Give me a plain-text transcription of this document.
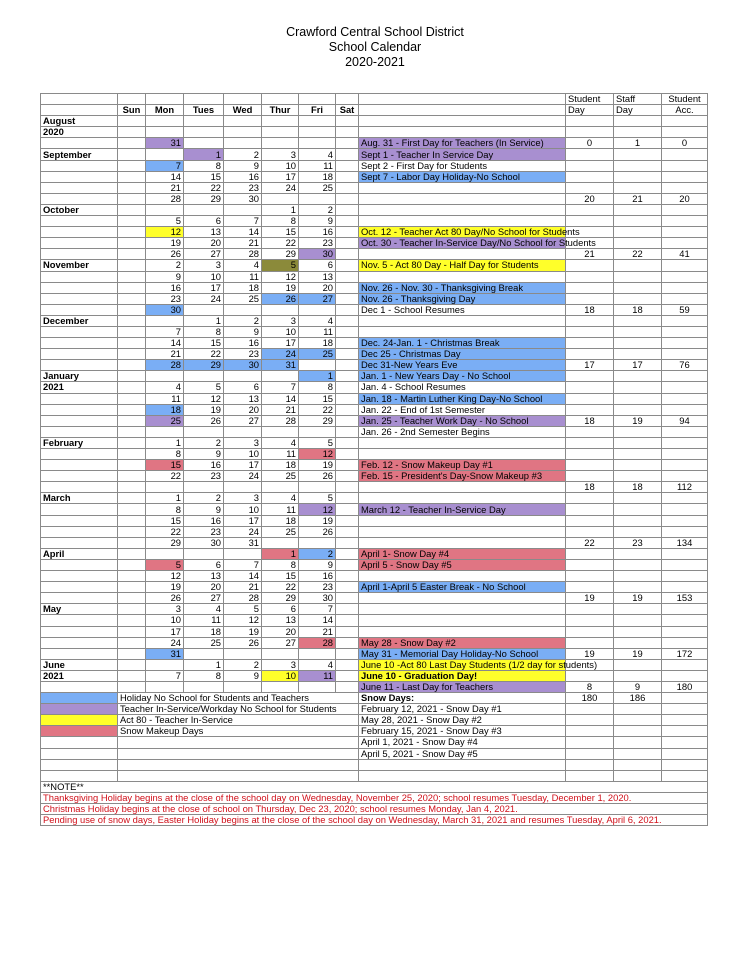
Crawford Central School District
School Calendar
2020-2021
									Student	Staff	Student
	Sun	Mon	Tues	Wed	Thur	Fri	Sat		Day	Day	Acc.
August											
2020											
		31						Aug. 31 - First Day for Teachers (In Service)	0	1	0
September			1	2	3	4		Sept 1 - Teacher In Service Day			
		7	8	9	10	11		Sept 2 - First Day for Students			
		14	15	16	17	18		Sept 7 - Labor Day Holiday-No School			
		21	22	23	24	25					
		28	29	30					20	21	20
October					1	2					
		5	6	7	8	9					
		12	13	14	15	16		Oct. 12 - Teacher Act 80 Day/No School for Students			
		19	20	21	22	23		Oct. 30 - Teacher In-Service Day/No School for Students			
		26	27	28	29	30			21	22	41
November		2	3	4	5	6		Nov. 5 - Act 80 Day - Half Day for Students			
		9	10	11	12	13					
		16	17	18	19	20		Nov. 26 - Nov. 30 - Thanksgiving Break			
		23	24	25	26	27		Nov. 26 - Thanksgiving Day			
		30						Dec 1 - School Resumes	18	18	59
December			1	2	3	4					
		7	8	9	10	11					
		14	15	16	17	18		Dec. 24-Jan. 1 - Christmas Break			
		21	22	23	24	25		Dec 25 - Christmas Day			
		28	29	30	31			Dec 31-New Years Eve	17	17	76
January						1		Jan. 1 - New Years Day - No School			
2021		4	5	6	7	8		Jan. 4 - School Resumes			
		11	12	13	14	15		Jan. 18 - Martin Luther King Day-No School			
		18	19	20	21	22		Jan. 22 - End of 1st Semester			
		25	26	27	28	29		Jan. 25 - Teacher Work Day - No School	18	19	94
								Jan. 26 - 2nd Semester Begins			
February		1	2	3	4	5					
		8	9	10	11	12					
		15	16	17	18	19		Feb. 12 - Snow Makeup Day #1			
		22	23	24	25	26		Feb. 15 - President's Day-Snow Makeup #3			
									18	18	112
March		1	2	3	4	5					
		8	9	10	11	12		March 12 - Teacher In-Service Day			
		15	16	17	18	19					
		22	23	24	25	26					
		29	30	31					22	23	134
April					1	2		April 1- Snow Day #4			
		5	6	7	8	9		April 5 - Snow Day #5			
		12	13	14	15	16					
		19	20	21	22	23		April 1-April 5 Easter Break - No School			
		26	27	28	29	30			19	19	153
May		3	4	5	6	7					
		10	11	12	13	14					
		17	18	19	20	21					
		24	25	26	27	28		May 28 - Snow Day #2			
		31						May 31 - Memorial Day Holiday-No School	19	19	172
June			1	2	3	4		June 10 -Act 80 Last Day Students (1/2 day for students)			
2021		7	8	9	10	11		June 10 - Graduation Day!			
								June 11 - Last Day for Teachers	8	9	180
	Holiday No School for Students and Teachers							Snow Days:	180	186	
	Teacher In-Service/Workday No School for Students							February 12, 2021 - Snow Day #1			
	Act 80 - Teacher In-Service							May 28, 2021 - Snow Day #2			
	Snow Makeup Days							February 15, 2021 - Snow Day #3			
								April 1, 2021 - Snow Day #4			
								April 5, 2021 - Snow Day #5			

**NOTE**											
Thanksgiving Holiday begins at the close of the school day on Wednesday, November 25, 2020; school resumes Tuesday, December 1, 2020.											
Christmas Holiday begins at the close of school on Thursday, Dec 23, 2020; school resumes Monday, Jan 4, 2021.											
Pending use of snow days, Easter Holiday begins at the close of the school day on Wednesday, March 31, 2021 and resumes Tuesday, April 6, 2021.											
